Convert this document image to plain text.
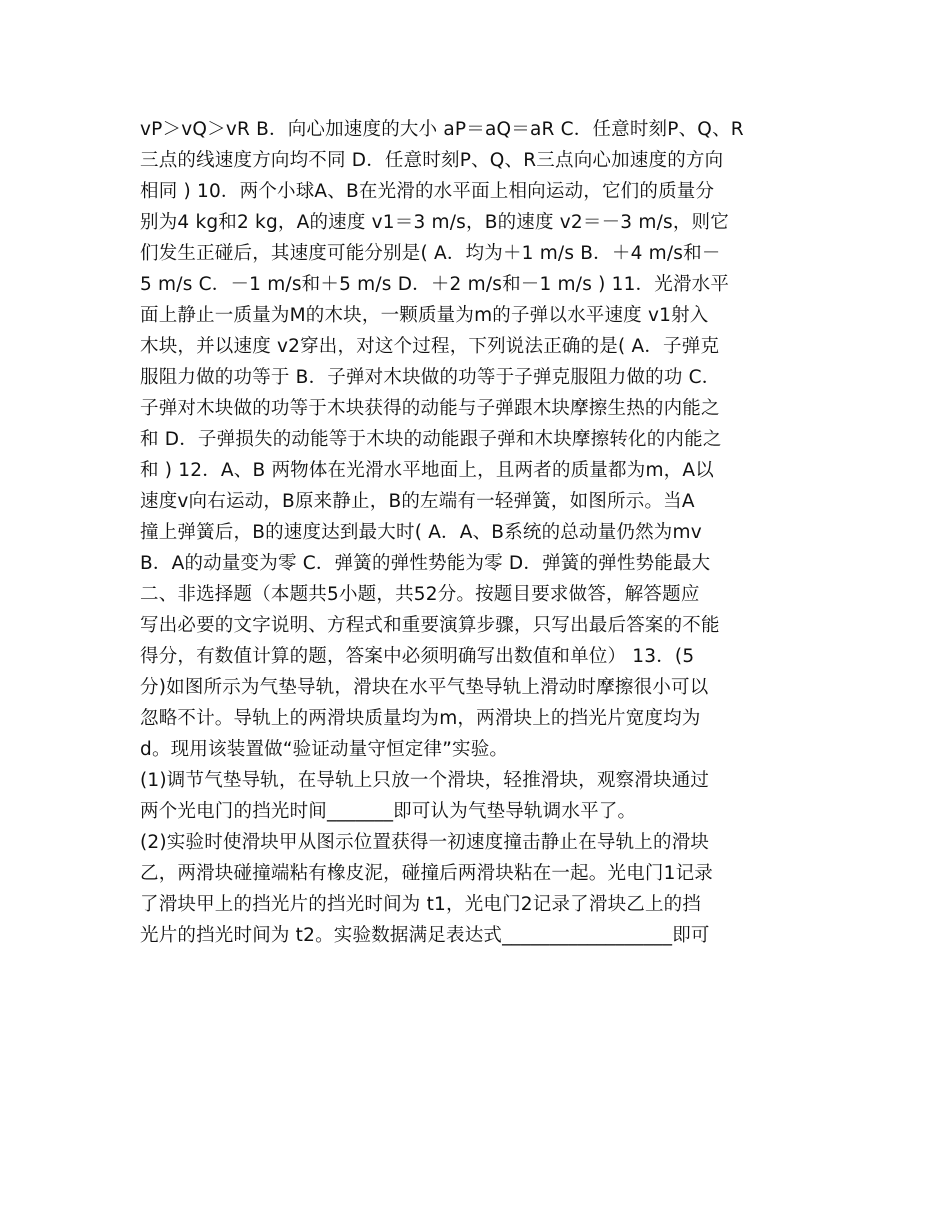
vP＞vQ＞vR B．向心加速度的大小 aP＝aQ＝aR C．任意时刻P、Q、R
三点的线速度方向均不同 D．任意时刻P、Q、R三点向心加速度的方向
相同 ) 10．两个小球A、B在光滑的水平面上相向运动，它们的质量分
别为4 kg和2 kg，A的速度 v1＝3 m/s，B的速度 v2＝－3 m/s，则它
们发生正碰后，其速度可能分别是( A．均为＋1 m/s B．＋4 m/s和－
5 m/s C．－1 m/s和＋5 m/s D．＋2 m/s和－1 m/s ) 11．光滑水平
面上静止一质量为M的木块，一颗质量为m的子弹以水平速度 v1射入
木块，并以速度 v2穿出，对这个过程，下列说法正确的是( A．子弹克
服阻力做的功等于 B．子弹对木块做的功等于子弹克服阻力做的功 C．
子弹对木块做的功等于木块获得的动能与子弹跟木块摩擦生热的内能之
和 D．子弹损失的动能等于木块的动能跟子弹和木块摩擦转化的内能之
和 ) 12．A、B 两物体在光滑水平地面上，且两者的质量都为m，A以
速度v向右运动，B原来静止，B的左端有一轻弹簧，如图所示。当A
撞上弹簧后，B的速度达到最大时( A．A、B系统的总动量仍然为mv
B．A的动量变为零 C．弹簧的弹性势能为零 D．弹簧的弹性势能最大
二、非选择题（本题共5小题，共52分。按题目要求做答，解答题应
写出必要的文字说明、方程式和重要演算步骤，只写出最后答案的不能
得分，有数值计算的题，答案中必须明确写出数值和单位） 13．(5
分)如图所示为气垫导轨，滑块在水平气垫导轨上滑动时摩擦很小可以
忽略不计。导轨上的两滑块质量均为m，两滑块上的挡光片宽度均为
d。现用该装置做“验证动量守恒定律”实验。
(1)调节气垫导轨，在导轨上只放一个滑块，轻推滑块，观察滑块通过
两个光电门的挡光时间_______即可认为气垫导轨调水平了。
(2)实验时使滑块甲从图示位置获得一初速度撞击静止在导轨上的滑块
乙，两滑块碰撞端粘有橡皮泥，碰撞后两滑块粘在一起。光电门1记录
了滑块甲上的挡光片的挡光时间为 t1，光电门2记录了滑块乙上的挡
光片的挡光时间为 t2。实验数据满足表达式__________________即可
